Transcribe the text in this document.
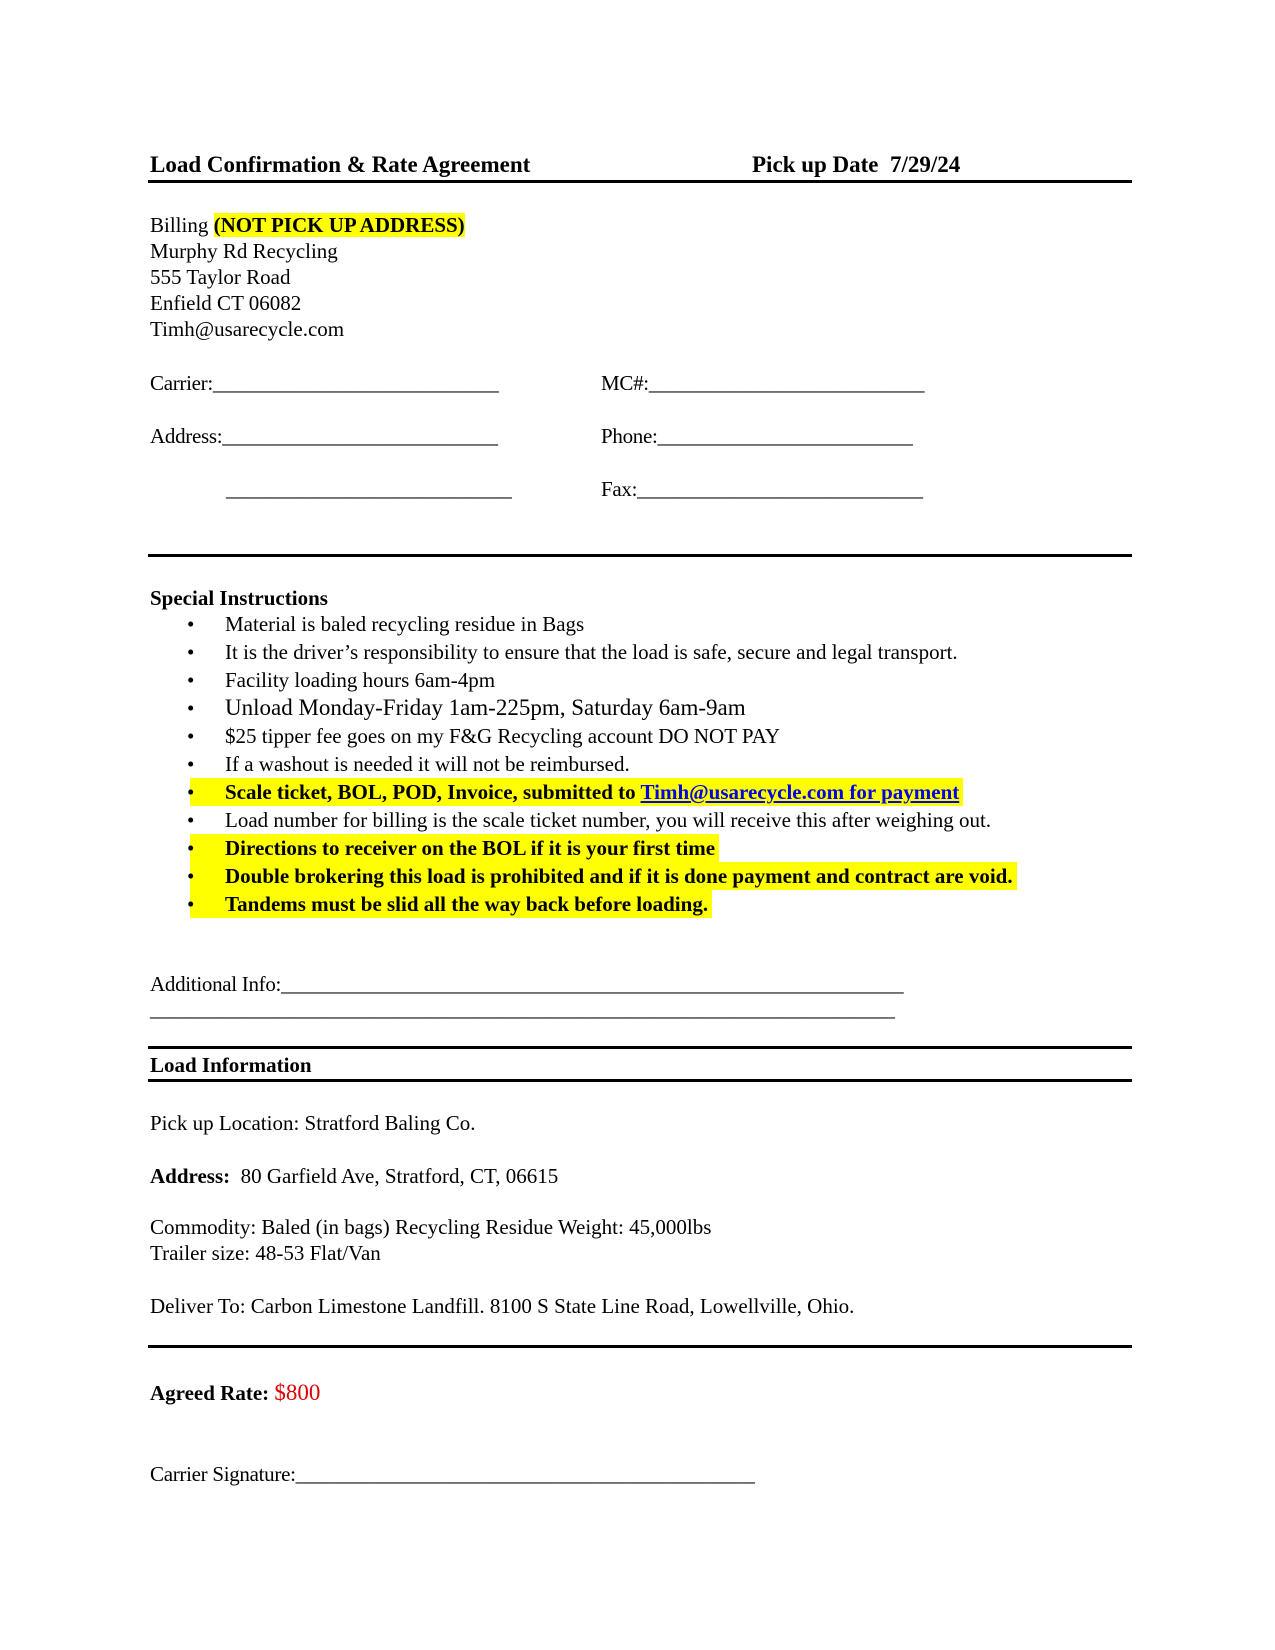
Load Confirmation & Rate Agreement	Pick up Date 7/29/24
Billing (NOT PICK UP ADDRESS)
Murphy Rd Recycling
555 Taylor Road
Enfield CT 06082
Timh@usarecycle.com
Carrier:____________________________	MC#:___________________________
Address:___________________________	Phone:_________________________
____________________________	Fax:____________________________
Special Instructions
•	Material is baled recycling residue in Bags
•	It is the driver’s responsibility to ensure that the load is safe, secure and legal transport.
•	Facility loading hours 6am-4pm
•	Unload Monday-Friday 1am-225pm, Saturday 6am-9am
•	$25 tipper fee goes on my F&G Recycling account DO NOT PAY
•	If a washout is needed it will not be reimbursed.
•	Scale ticket, BOL, POD, Invoice, submitted to Timh@usarecycle.com for payment
•	Load number for billing is the scale ticket number, you will receive this after weighing out.
•	Directions to receiver on the BOL if it is your first time
•	Double brokering this load is prohibited and if it is done payment and contract are void.
•	Tandems must be slid all the way back before loading.
Additional Info:_____________________________________________________________
_________________________________________________________________________
Load Information
Pick up Location: Stratford Baling Co.
Address: 80 Garfield Ave, Stratford, CT, 06615
Commodity: Baled (in bags) Recycling Residue Weight: 45,000lbs
Trailer size: 48-53 Flat/Van
Deliver To: Carbon Limestone Landfill. 8100 S State Line Road, Lowellville, Ohio.
Agreed Rate: $800
Carrier Signature:_____________________________________________
